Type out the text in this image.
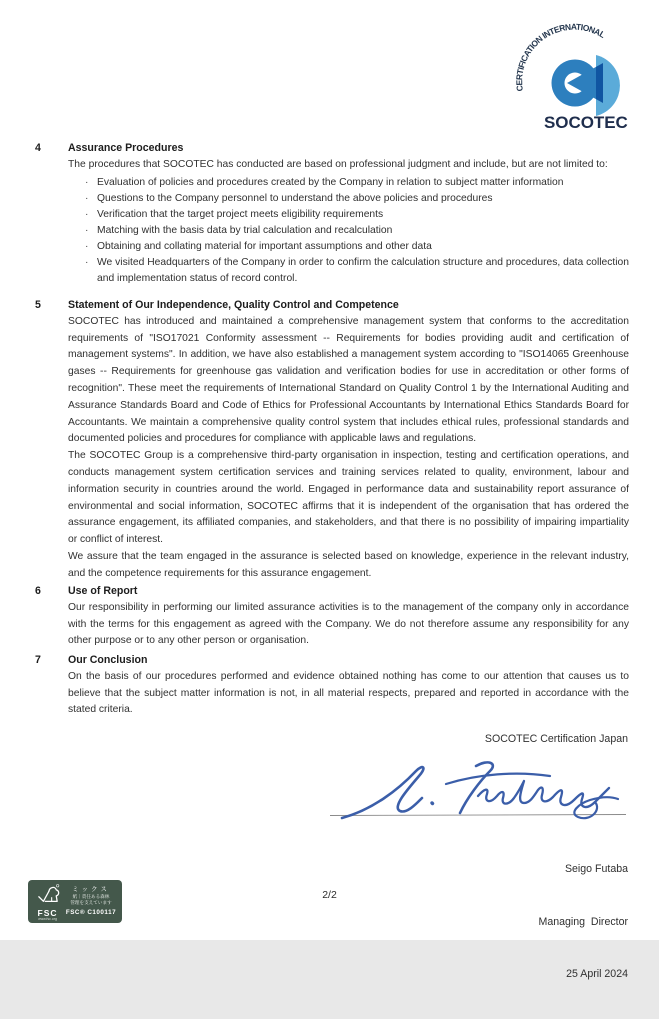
CERTIFICATION INTERNATIONAL
SOCOTEC
4	Assurance Procedures

The procedures that SOCOTEC has conducted are based on professional judgment and include, but are not limited to:

· Evaluation of policies and procedures created by the Company in relation to subject matter information
· Questions to the Company personnel to understand the above policies and procedures
· Verification that the target project meets eligibility requirements
· Matching with the basis data by trial calculation and recalculation
· Obtaining and collating material for important assumptions and other data
· We visited Headquarters of the Company in order to confirm the calculation structure and procedures, data collection and implementation status of record control.
5	Statement of Our Independence, Quality Control and Competence

SOCOTEC has introduced and maintained a comprehensive management system that conforms to the accreditation requirements of "ISO17021 Conformity assessment -- Requirements for bodies providing audit and certification of management systems". In addition, we have also established a management system according to "ISO14065 Greenhouse gases -- Requirements for greenhouse gas validation and verification bodies for use in accreditation or other forms of recognition". These meet the requirements of International Standard on Quality Control 1 by the International Auditing and Assurance Standards Board and Code of Ethics for Professional Accountants by International Ethics Standards Board for Accountants. We maintain a comprehensive quality control system that includes ethical rules, professional standards and documented policies and procedures for compliance with applicable laws and regulations.

The SOCOTEC Group is a comprehensive third-party organisation in inspection, testing and certification operations, and conducts management system certification services and training services related to quality, environment, labour and information security in countries around the world. Engaged in performance data and sustainability report assurance of environmental and social information, SOCOTEC affirms that it is independent of the organisation that has ordered the assurance engagement, its affiliated companies, and stakeholders, and that there is no possibility of impairing impartiality or conflict of interest.

We assure that the team engaged in the assurance is selected based on knowledge, experience in the relevant industry, and the competence requirements for this assurance engagement.

6	Use of Report

Our responsibility in performing our limited assurance activities is to the management of the company only in accordance with the terms for this engagement as agreed with the Company. We do not therefore assume any responsibility for any other purpose or to any other person or organisation.

7	Our Conclusion

On the basis of our procedures performed and evidence obtained nothing has come to our attention that causes us to believe that the subject matter information is not, in all material respects, prepared and reported in accordance with the stated criteria.

SOCOTEC Certification Japan

Seigo Futaba

Managing  Director

25 April 2024

2/2
FSC
www.fsc.org
ミックス
紙｜責任ある森林
管理を支えています
FSC® C100117
